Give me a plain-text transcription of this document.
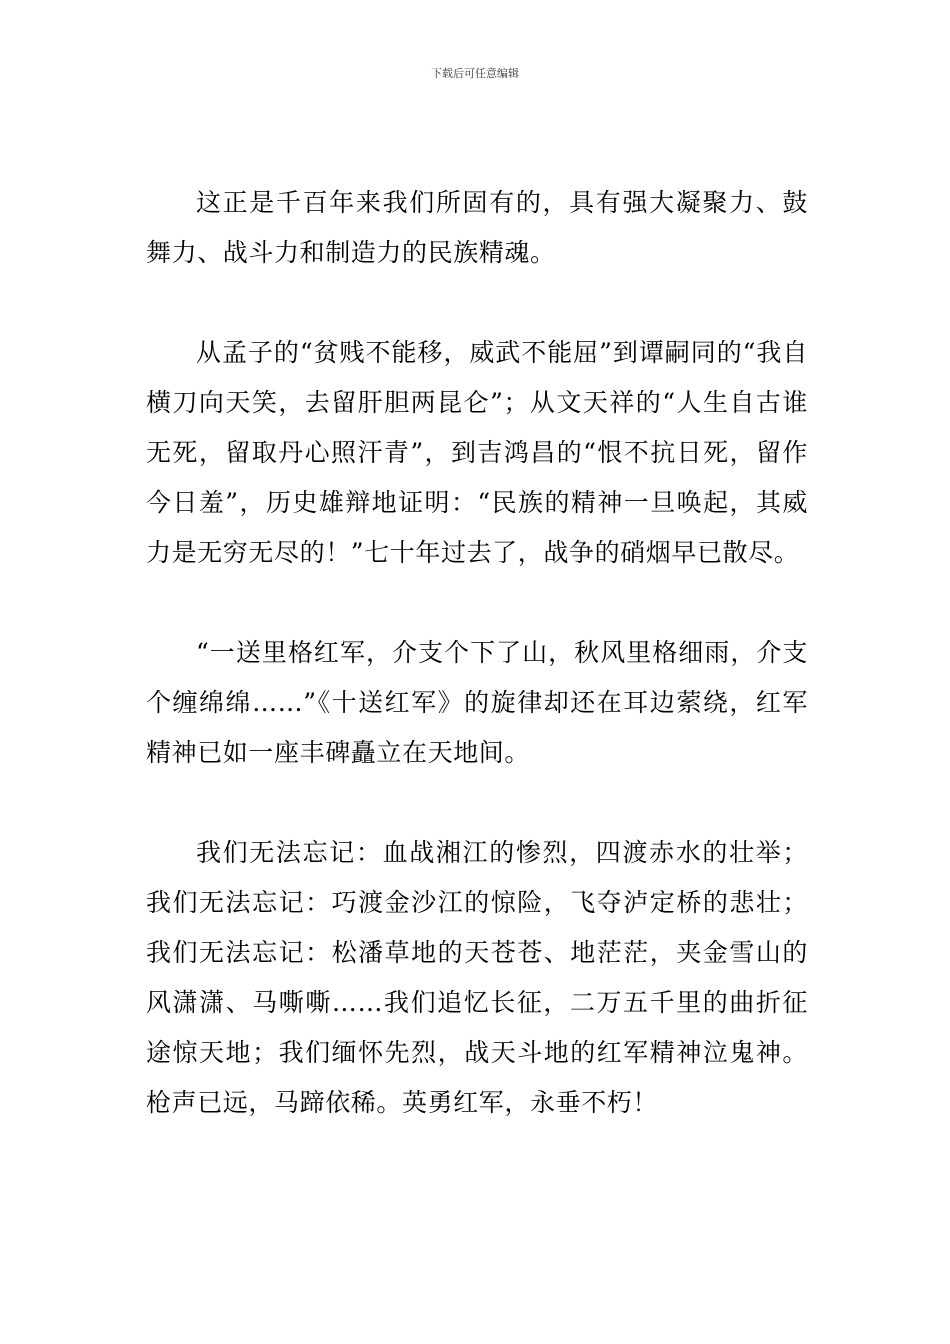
下载后可任意编辑

这正是千百年来我们所固有的，具有强大凝聚力、鼓舞力、战斗力和制造力的民族精魂。

从孟子的“贫贱不能移，威武不能屈”到谭嗣同的“我自横刀向天笑，去留肝胆两昆仑”；从文天祥的“人生自古谁无死，留取丹心照汗青”，到吉鸿昌的“恨不抗日死，留作今日羞”，历史雄辩地证明：“民族的精神一旦唤起，其威力是无穷无尽的！”七十年过去了，战争的硝烟早已散尽。

“一送里格红军，介支个下了山，秋风里格细雨，介支个缠绵绵……”《十送红军》的旋律却还在耳边萦绕，红军精神已如一座丰碑矗立在天地间。

我们无法忘记：血战湘江的惨烈，四渡赤水的壮举；我们无法忘记：巧渡金沙江的惊险，飞夺泸定桥的悲壮；我们无法忘记：松潘草地的天苍苍、地茫茫，夹金雪山的风潇潇、马嘶嘶……我们追忆长征，二万五千里的曲折征途惊天地；我们缅怀先烈，战天斗地的红军精神泣鬼神。枪声已远，马蹄依稀。英勇红军，永垂不朽！
